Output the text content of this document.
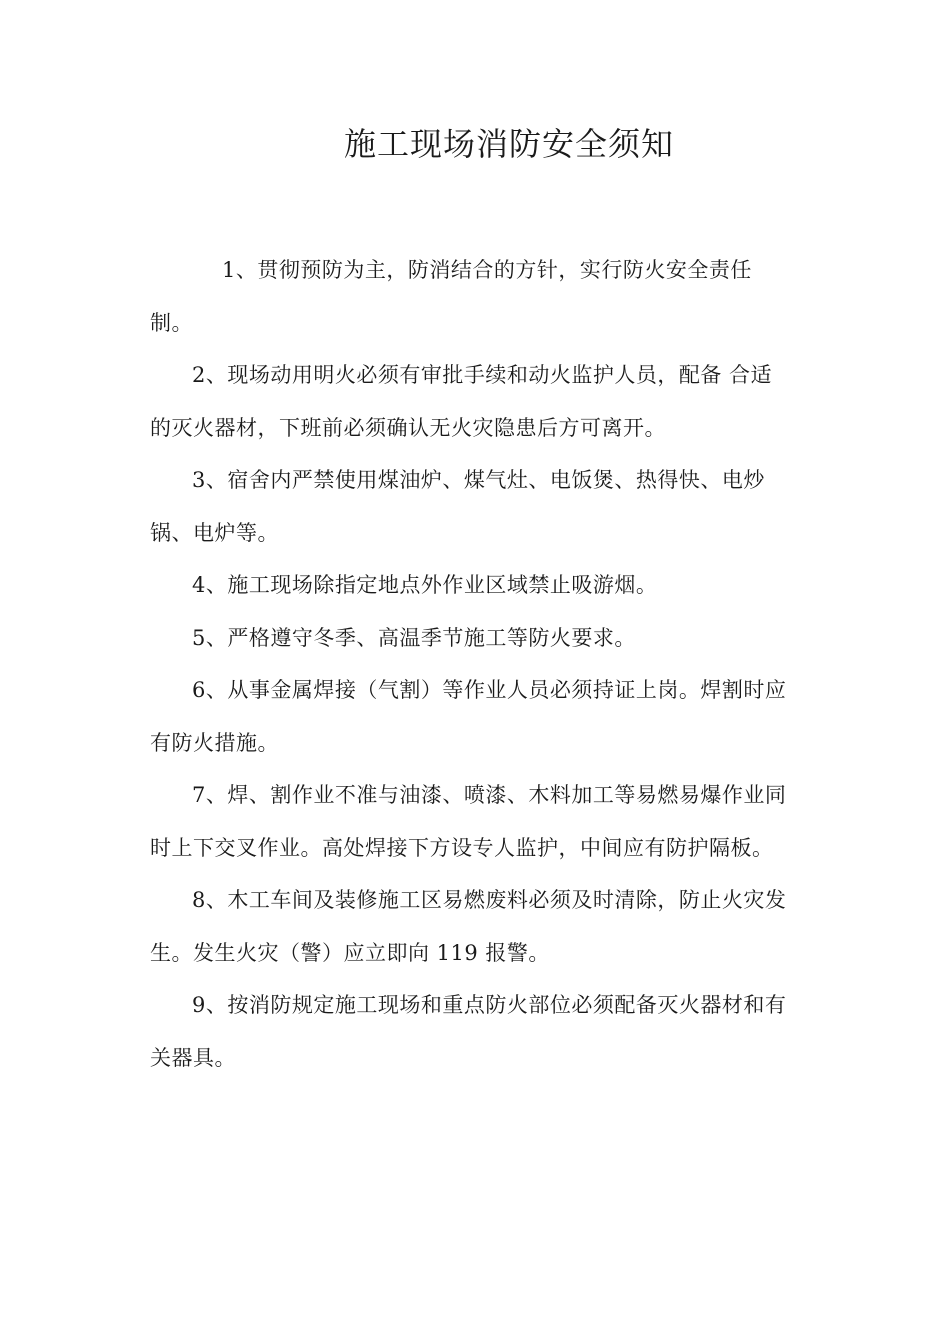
施工现场消防安全须知

1、贯彻预防为主，防消结合的方针，实行防火安全责任制。

2、现场动用明火必须有审批手续和动火监护人员，配备 合适的灭火器材，下班前必须确认无火灾隐患后方可离开。

3、宿舍内严禁使用煤油炉、煤气灶、电饭煲、热得快、电炒锅、电炉等。

4、施工现场除指定地点外作业区域禁止吸游烟。

5、严格遵守冬季、高温季节施工等防火要求。

6、从事金属焊接（气割）等作业人员必须持证上岗。焊割时应有防火措施。

7、焊、割作业不准与油漆、喷漆、木料加工等易燃易爆作业同时上下交叉作业。高处焊接下方设专人监护，中间应有防护隔板。

8、木工车间及装修施工区易燃废料必须及时清除，防止火灾发生。发生火灾（警）应立即向 119 报警。

9、按消防规定施工现场和重点防火部位必须配备灭火器材和有关器具。
